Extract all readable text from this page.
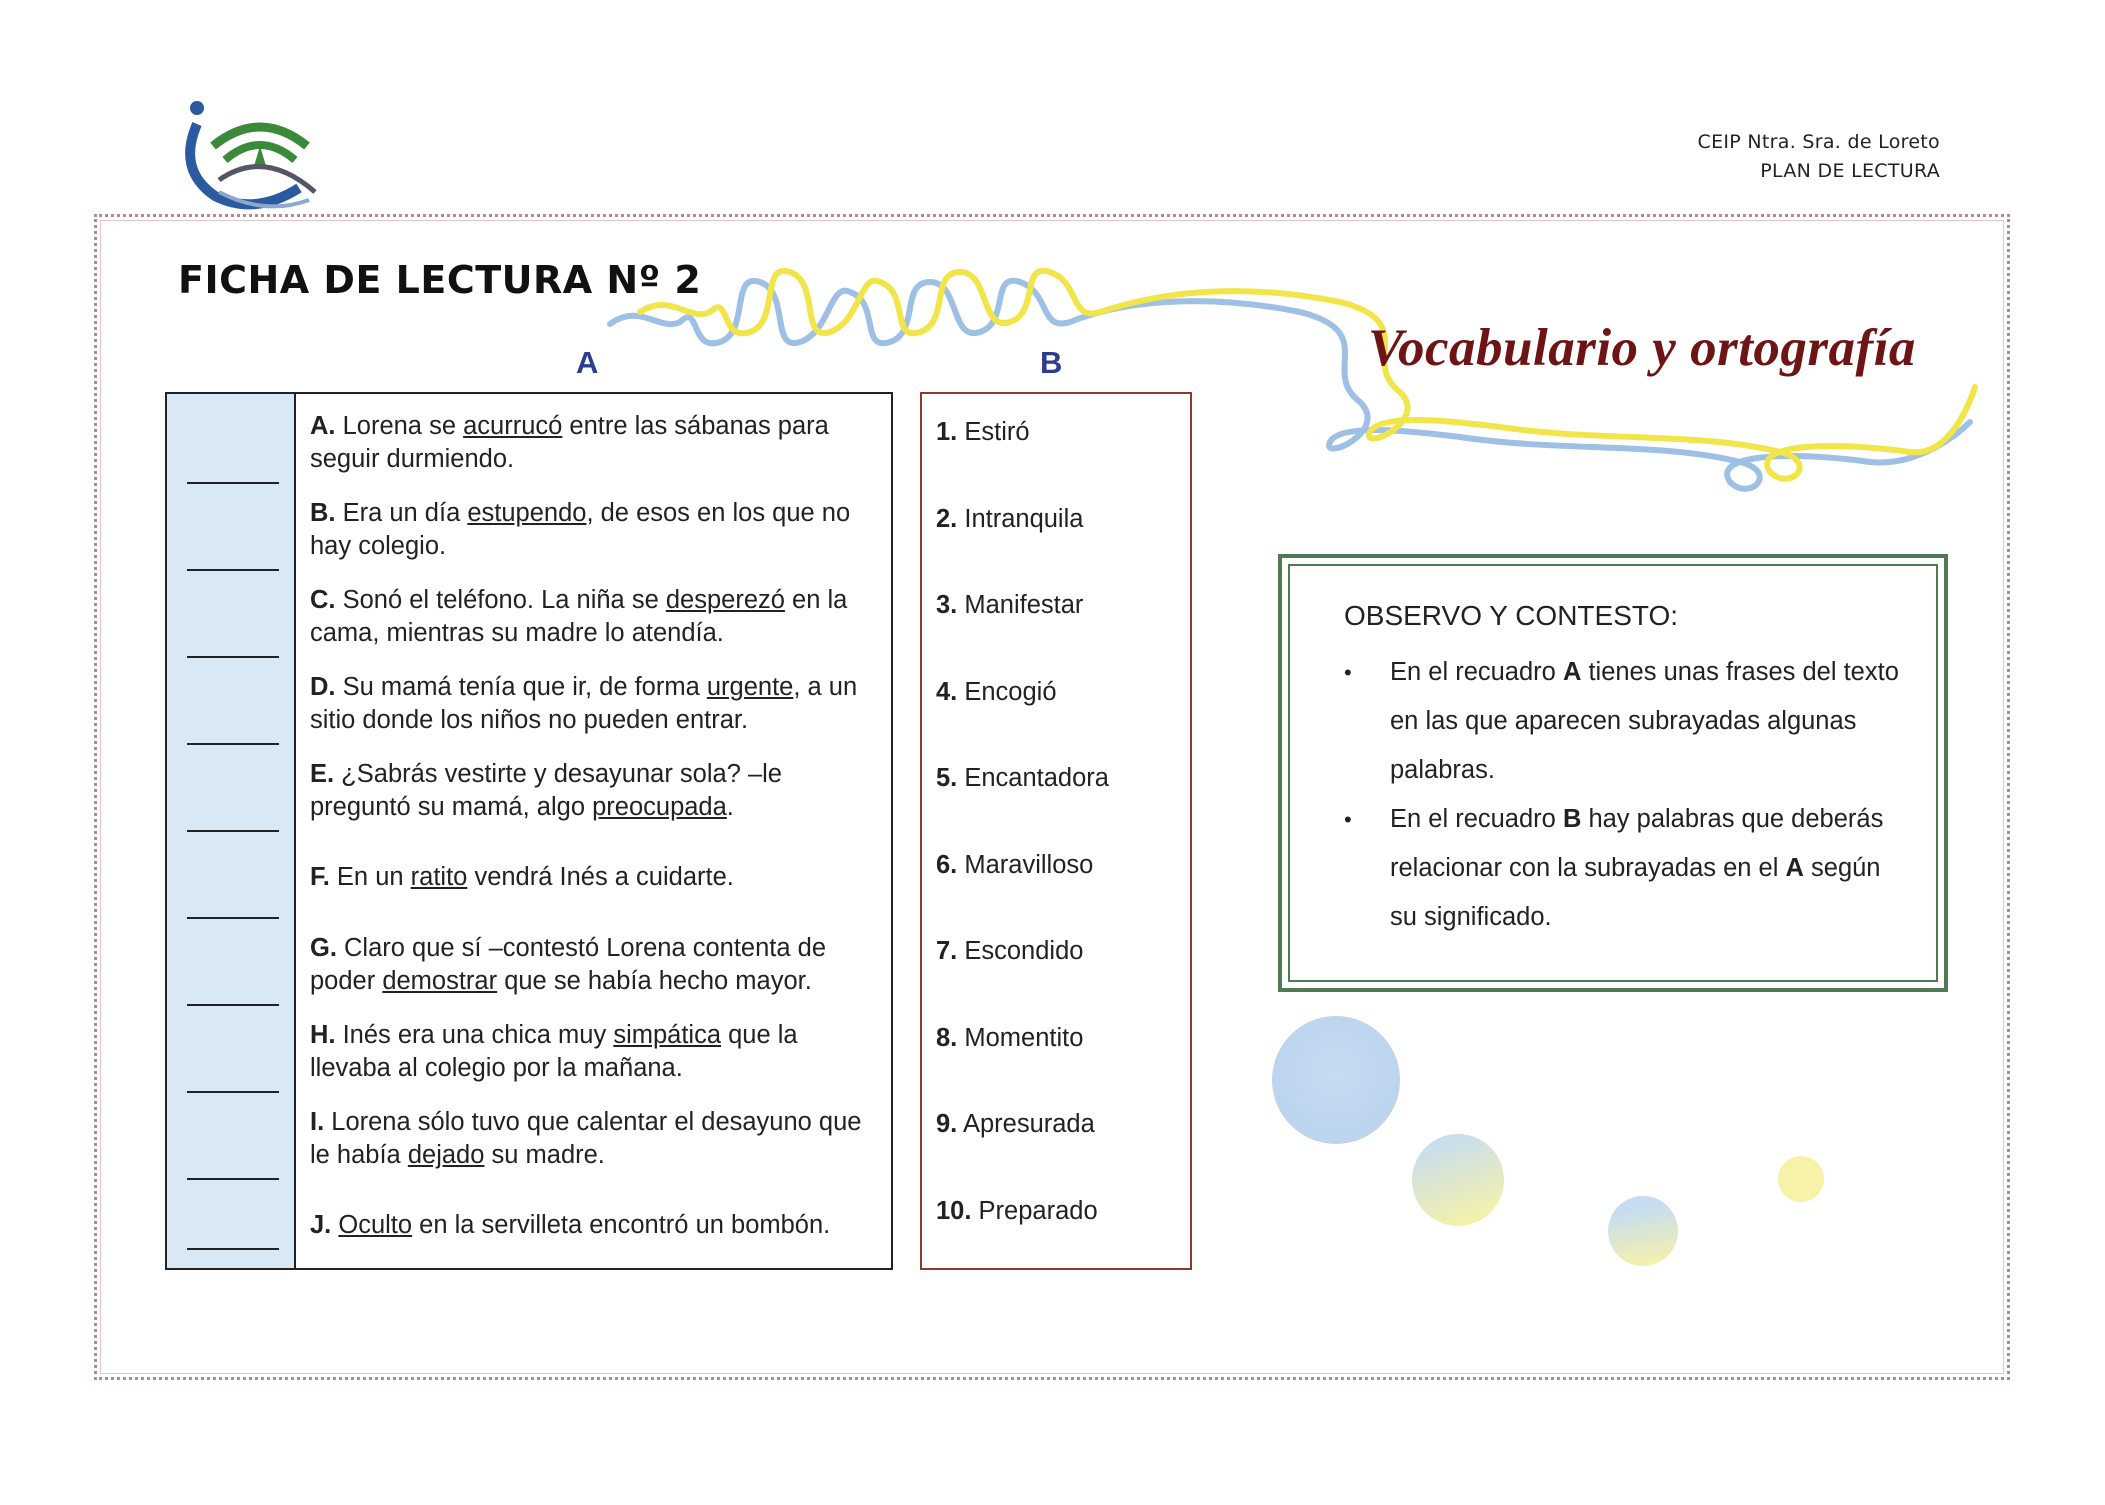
CEIP Ntra. Sra. de Loreto
PLAN DE LECTURA
FICHA DE LECTURA Nº 2
Vocabulario y ortografía
A	B
A. Lorena se acurrucó entre las sábanas para seguir durmiendo.
B. Era un día estupendo, de esos en los que no hay colegio.
C. Sonó el teléfono. La niña se desperezó en la cama, mientras su madre lo atendía.
D. Su mamá tenía que ir, de forma urgente, a un sitio donde los niños no pueden entrar.
E. ¿Sabrás vestirte y desayunar sola? –le preguntó su mamá, algo preocupada.
F. En un ratito vendrá Inés a cuidarte.
G. Claro que sí –contestó Lorena contenta de poder demostrar que se había hecho mayor.
H. Inés era una chica muy simpática que la llevaba al colegio por la mañana.
I. Lorena sólo tuvo que calentar el desayuno que le había dejado su madre.
J. Oculto en la servilleta encontró un bombón.
1. Estiró
2. Intranquila
3. Manifestar
4. Encogió
5. Encantadora
6. Maravilloso
7. Escondido
8. Momentito
9. Apresurada
10. Preparado
OBSERVO Y CONTESTO:
• En el recuadro A tienes unas frases del texto en las que aparecen subrayadas algunas palabras.
• En el recuadro B hay palabras que deberás relacionar con la subrayadas en el A según su significado.
